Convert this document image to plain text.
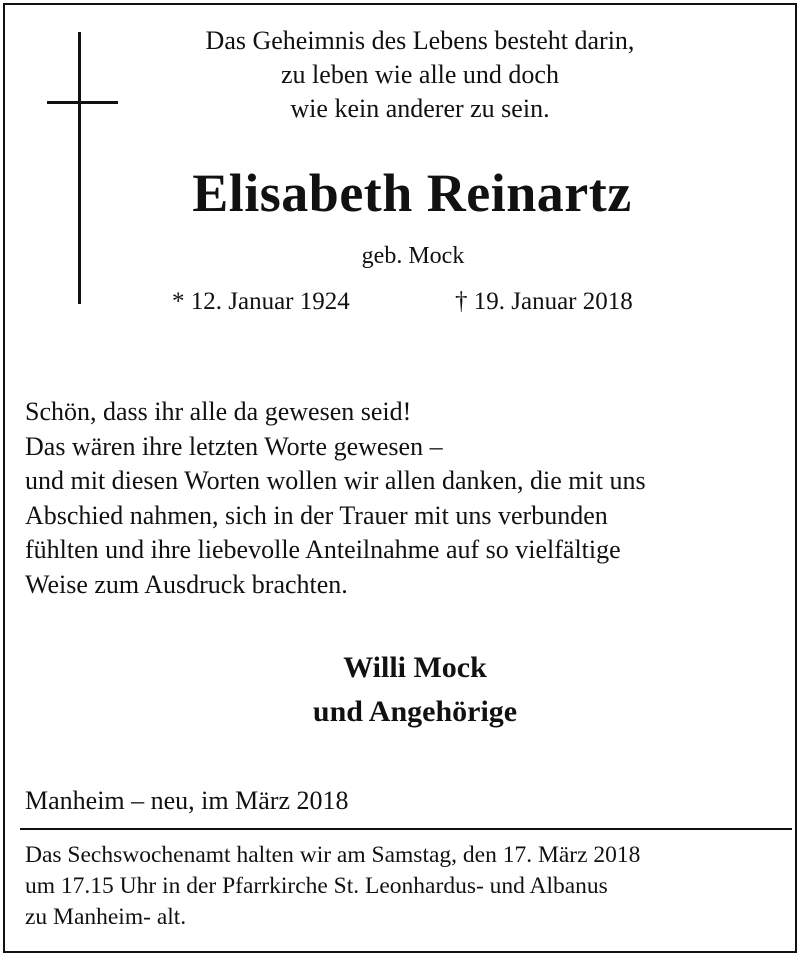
Das Geheimnis des Lebens besteht darin,
zu leben wie alle und doch
wie kein anderer zu sein.
Elisabeth Reinartz
geb. Mock
* 12. Januar 1924	† 19. Januar 2018
Schön, dass ihr alle da gewesen seid!
Das wären ihre letzten Worte gewesen –
und mit diesen Worten wollen wir allen danken, die mit uns
Abschied nahmen, sich in der Trauer mit uns verbunden
fühlten und ihre liebevolle Anteilnahme auf so vielfältige
Weise zum Ausdruck brachten.
Willi Mock
und Angehörige
Manheim – neu, im März 2018
Das Sechswochenamt halten wir am Samstag, den 17. März 2018
um 17.15 Uhr in der Pfarrkirche St. Leonhardus- und Albanus
zu Manheim- alt.
